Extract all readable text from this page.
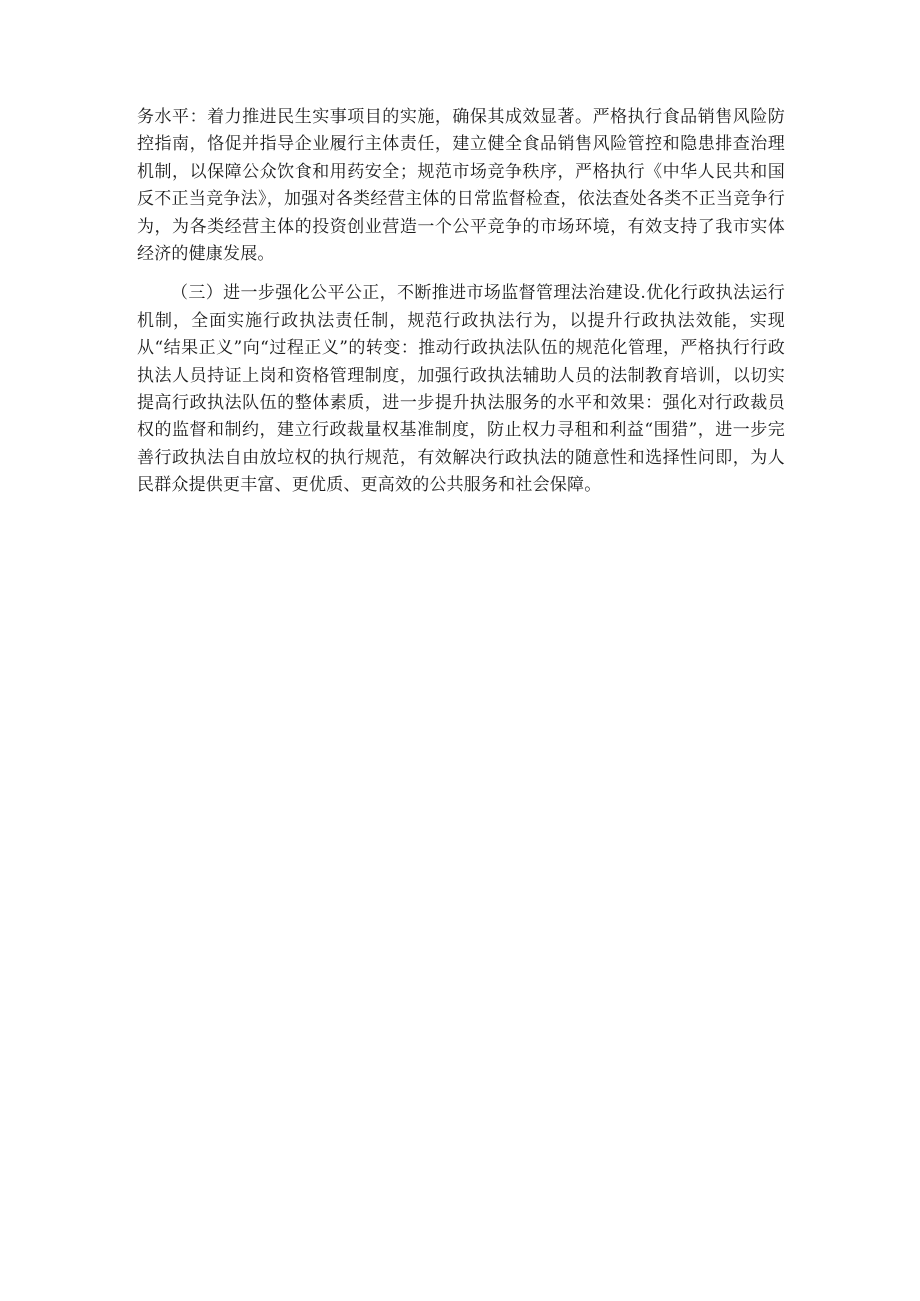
务水平：着力推进民生实事项目的实施，确保其成效显著。严格执行食品销售风险防控指南，恪促并指导企业履行主体责任，建立健全食品销售风险管控和隐患排查治理机制，以保障公众饮食和用药安全；规范市场竞争秩序，严格执行《中华人民共和国反不正当竞争法》，加强对各类经营主体的日常监督检查，依法查处各类不正当竞争行为，为各类经营主体的投资创业营造一个公平竞争的市场环境，有效支持了我市实体经济的健康发展。

（三）进一步强化公平公正，不断推进市场监督管理法治建设.优化行政执法运行机制，全面实施行政执法责任制，规范行政执法行为，以提升行政执法效能，实现从“结果正义”向“过程正义”的转变：推动行政执法队伍的规范化管理，严格执行行政执法人员持证上岗和资格管理制度，加强行政执法辅助人员的法制教育培训，以切实提高行政执法队伍的整体素质，进一步提升执法服务的水平和效果：强化对行政裁员权的监督和制约，建立行政裁量权基准制度，防止权力寻租和利益“围猎”，进一步完善行政执法自由放垃权的执行规范，有效解决行政执法的随意性和选择性问即，为人民群众提供更丰富、更优质、更高效的公共服务和社会保障。
